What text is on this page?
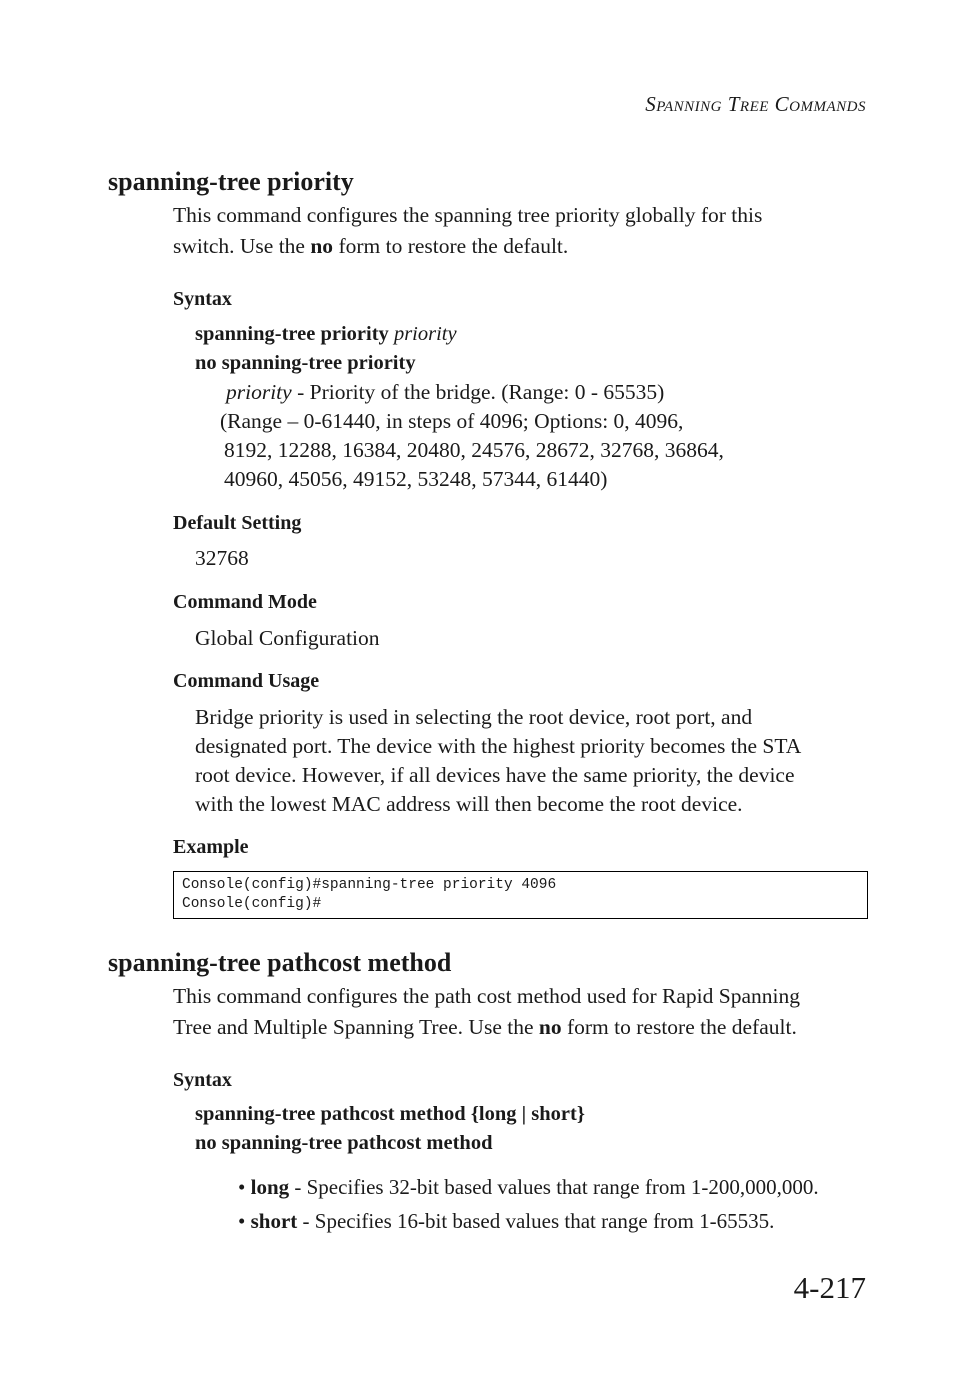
SPANNING TREE COMMANDS
spanning-tree priority
This command configures the spanning tree priority globally for this
switch. Use the no form to restore the default.
Syntax
spanning-tree priority priority
no spanning-tree priority
priority - Priority of the bridge. (Range: 0 - 65535)
(Range – 0-61440, in steps of 4096; Options: 0, 4096,
8192, 12288, 16384, 20480, 24576, 28672, 32768, 36864,
40960, 45056, 49152, 53248, 57344, 61440)
Default Setting
32768
Command Mode
Global Configuration
Command Usage
Bridge priority is used in selecting the root device, root port, and
designated port. The device with the highest priority becomes the STA
root device. However, if all devices have the same priority, the device
with the lowest MAC address will then become the root device.
Example
Console(config)#spanning-tree priority 4096
Console(config)#
spanning-tree pathcost method
This command configures the path cost method used for Rapid Spanning
Tree and Multiple Spanning Tree. Use the no form to restore the default.
Syntax
spanning-tree pathcost method {long | short}
no spanning-tree pathcost method
• long - Specifies 32-bit based values that range from 1-200,000,000.
• short - Specifies 16-bit based values that range from 1-65535.
4-217
